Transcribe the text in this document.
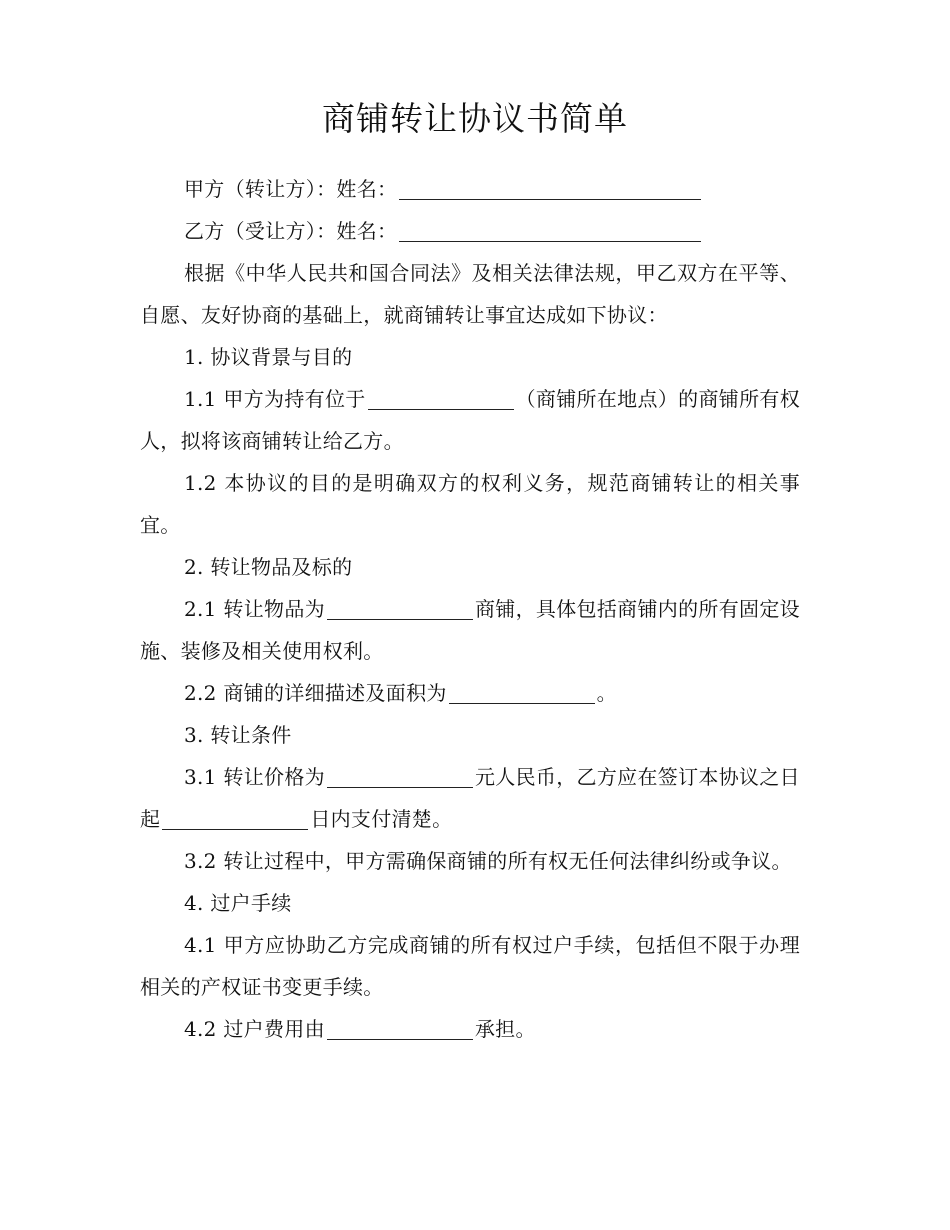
商铺转让协议书简单

甲方（转让方）：姓名：

乙方（受让方）：姓名：

根据《中华人民共和国合同法》及相关法律法规，甲乙双方在平等、自愿、友好协商的基础上，就商铺转让事宜达成如下协议：

1. 协议背景与目的

1.1 甲方为持有位于	（商铺所在地点）的商铺所有权人，拟将该商铺转让给乙方。

1.2 本协议的目的是明确双方的权利义务，规范商铺转让的相关事宜。

2. 转让物品及标的

2.1 转让物品为	商铺，具体包括商铺内的所有固定设施、装修及相关使用权利。

2.2 商铺的详细描述及面积为	。

3. 转让条件

3.1 转让价格为	元人民币，乙方应在签订本协议之日起	日内支付清楚。

3.2 转让过程中，甲方需确保商铺的所有权无任何法律纠纷或争议。

4. 过户手续

4.1 甲方应协助乙方完成商铺的所有权过户手续，包括但不限于办理相关的产权证书变更手续。

4.2 过户费用由	承担。
